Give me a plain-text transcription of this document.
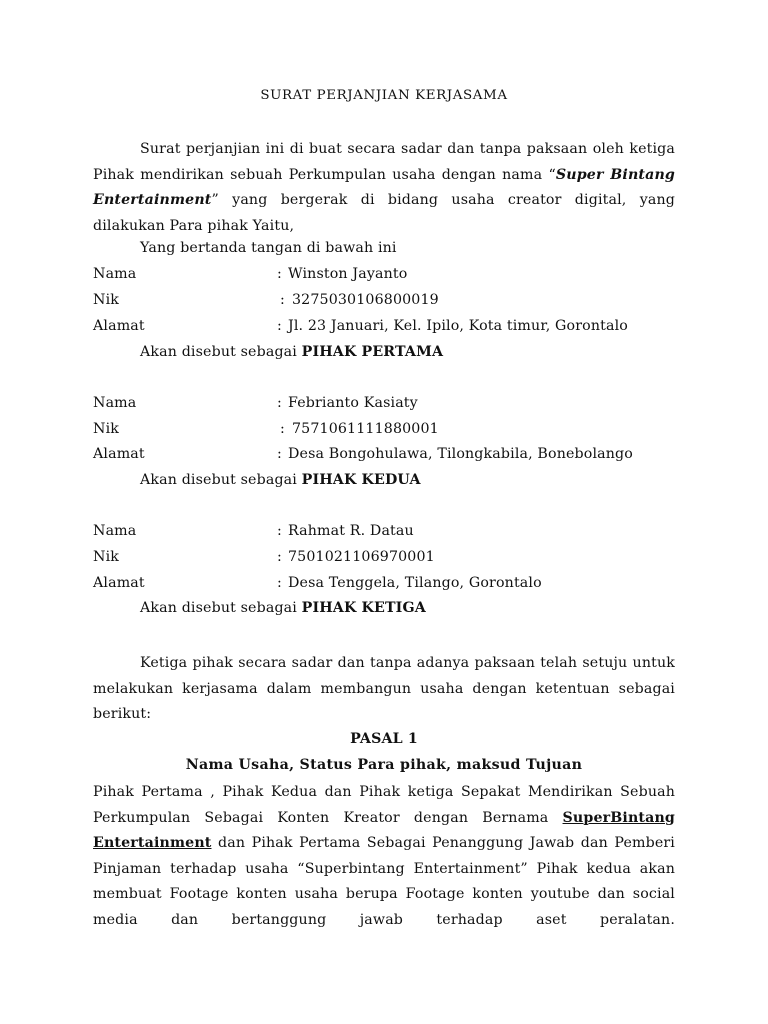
SURAT PERJANJIAN KERJASAMA

Surat perjanjian ini di buat secara sadar dan tanpa paksaan oleh ketiga Pihak mendirikan sebuah Perkumpulan usaha dengan nama “Super Bintang Entertainment” yang bergerak di bidang usaha creator digital, yang dilakukan Para pihak Yaitu,

Yang bertanda tangan di bawah ini
Nama	: Winston Jayanto
Nik	: 3275030106800019
Alamat	: Jl. 23 Januari, Kel. Ipilo, Kota timur, Gorontalo
Akan disebut sebagai PIHAK PERTAMA
Nama	: Febrianto Kasiaty
Nik	: 7571061111880001
Alamat	: Desa Bongohulawa, Tilongkabila, Bonebolango
Akan disebut sebagai PIHAK KEDUA
Nama	: Rahmat R. Datau
Nik	: 7501021106970001
Alamat	: Desa Tenggela, Tilango, Gorontalo
Akan disebut sebagai PIHAK KETIGA

Ketiga pihak secara sadar dan tanpa adanya paksaan telah setuju untuk melakukan kerjasama dalam membangun usaha dengan ketentuan sebagai berikut:

PASAL 1
Nama Usaha, Status Para pihak, maksud Tujuan

Pihak Pertama , Pihak Kedua dan Pihak ketiga Sepakat Mendirikan Sebuah Perkumpulan Sebagai Konten Kreator dengan Bernama SuperBintang Entertainment dan Pihak Pertama Sebagai Penanggung Jawab dan Pemberi Pinjaman terhadap usaha “Superbintang Entertainment” Pihak kedua akan membuat Footage konten usaha berupa Footage konten youtube dan social media dan bertanggung jawab terhadap aset peralatan.
